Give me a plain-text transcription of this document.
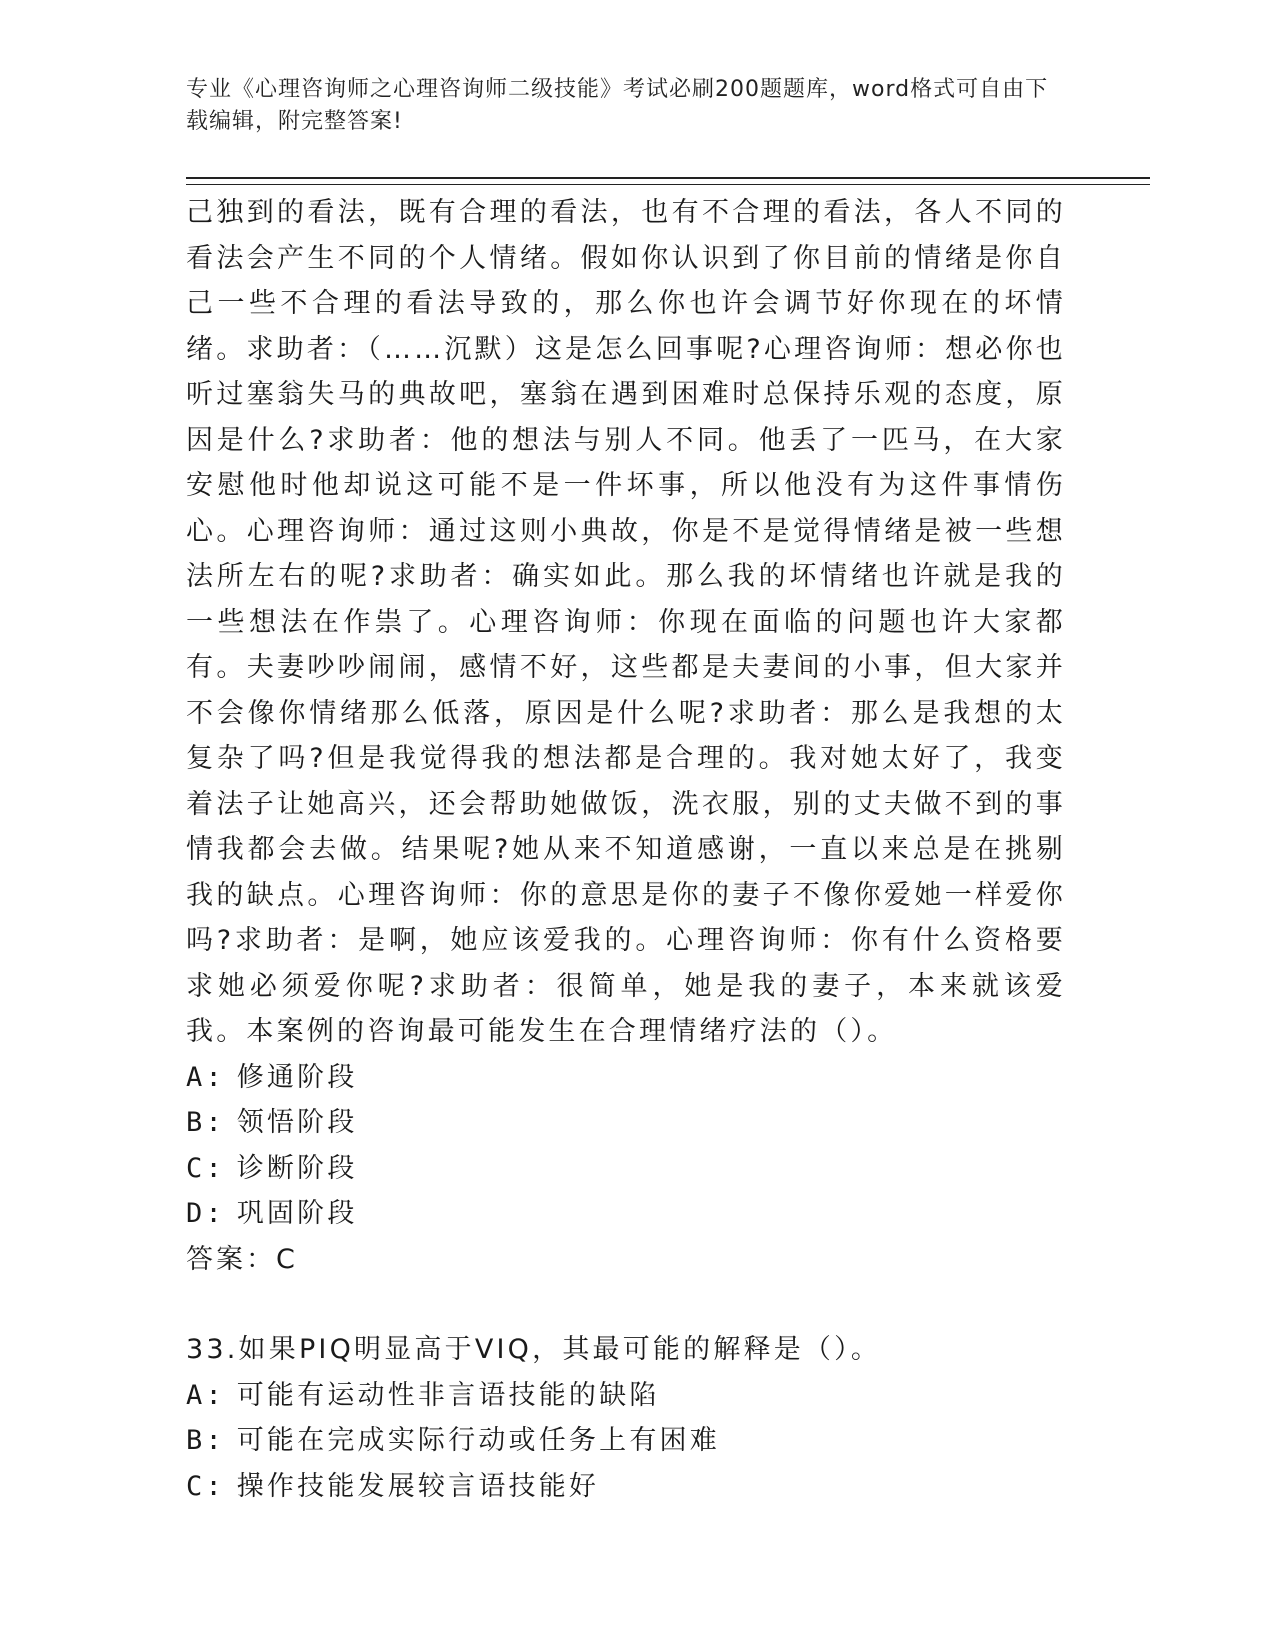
专业《心理咨询师之心理咨询师二级技能》考试必刷200题题库，word格式可自由下载编辑，附完整答案!

己独到的看法，既有合理的看法，也有不合理的看法，各人不同的看法会产生不同的个人情绪。假如你认识到了你目前的情绪是你自己一些不合理的看法导致的，那么你也许会调节好你现在的坏情绪。求助者：（……沉默）这是怎么回事呢?心理咨询师：想必你也听过塞翁失马的典故吧，塞翁在遇到困难时总保持乐观的态度，原因是什么?求助者：他的想法与别人不同。他丢了一匹马，在大家安慰他时他却说这可能不是一件坏事，所以他没有为这件事情伤心。心理咨询师：通过这则小典故，你是不是觉得情绪是被一些想法所左右的呢?求助者：确实如此。那么我的坏情绪也许就是我的一些想法在作祟了。心理咨询师：你现在面临的问题也许大家都有。夫妻吵吵闹闹，感情不好，这些都是夫妻间的小事，但大家并不会像你情绪那么低落，原因是什么呢?求助者：那么是我想的太复杂了吗?但是我觉得我的想法都是合理的。我对她太好了，我变着法子让她高兴，还会帮助她做饭，洗衣服，别的丈夫做不到的事情我都会去做。结果呢?她从来不知道感谢，一直以来总是在挑剔我的缺点。心理咨询师：你的意思是你的妻子不像你爱她一样爱你吗?求助者：是啊，她应该爱我的。心理咨询师：你有什么资格要求她必须爱你呢?求助者：很简单，她是我的妻子，本来就该爱我。本案例的咨询最可能发生在合理情绪疗法的（）。

A: 修通阶段

B: 领悟阶段

C: 诊断阶段

D: 巩固阶段

答案：C

33.如果PIQ明显高于VIQ，其最可能的解释是（）。

A: 可能有运动性非言语技能的缺陷

B: 可能在完成实际行动或任务上有困难

C: 操作技能发展较言语技能好
